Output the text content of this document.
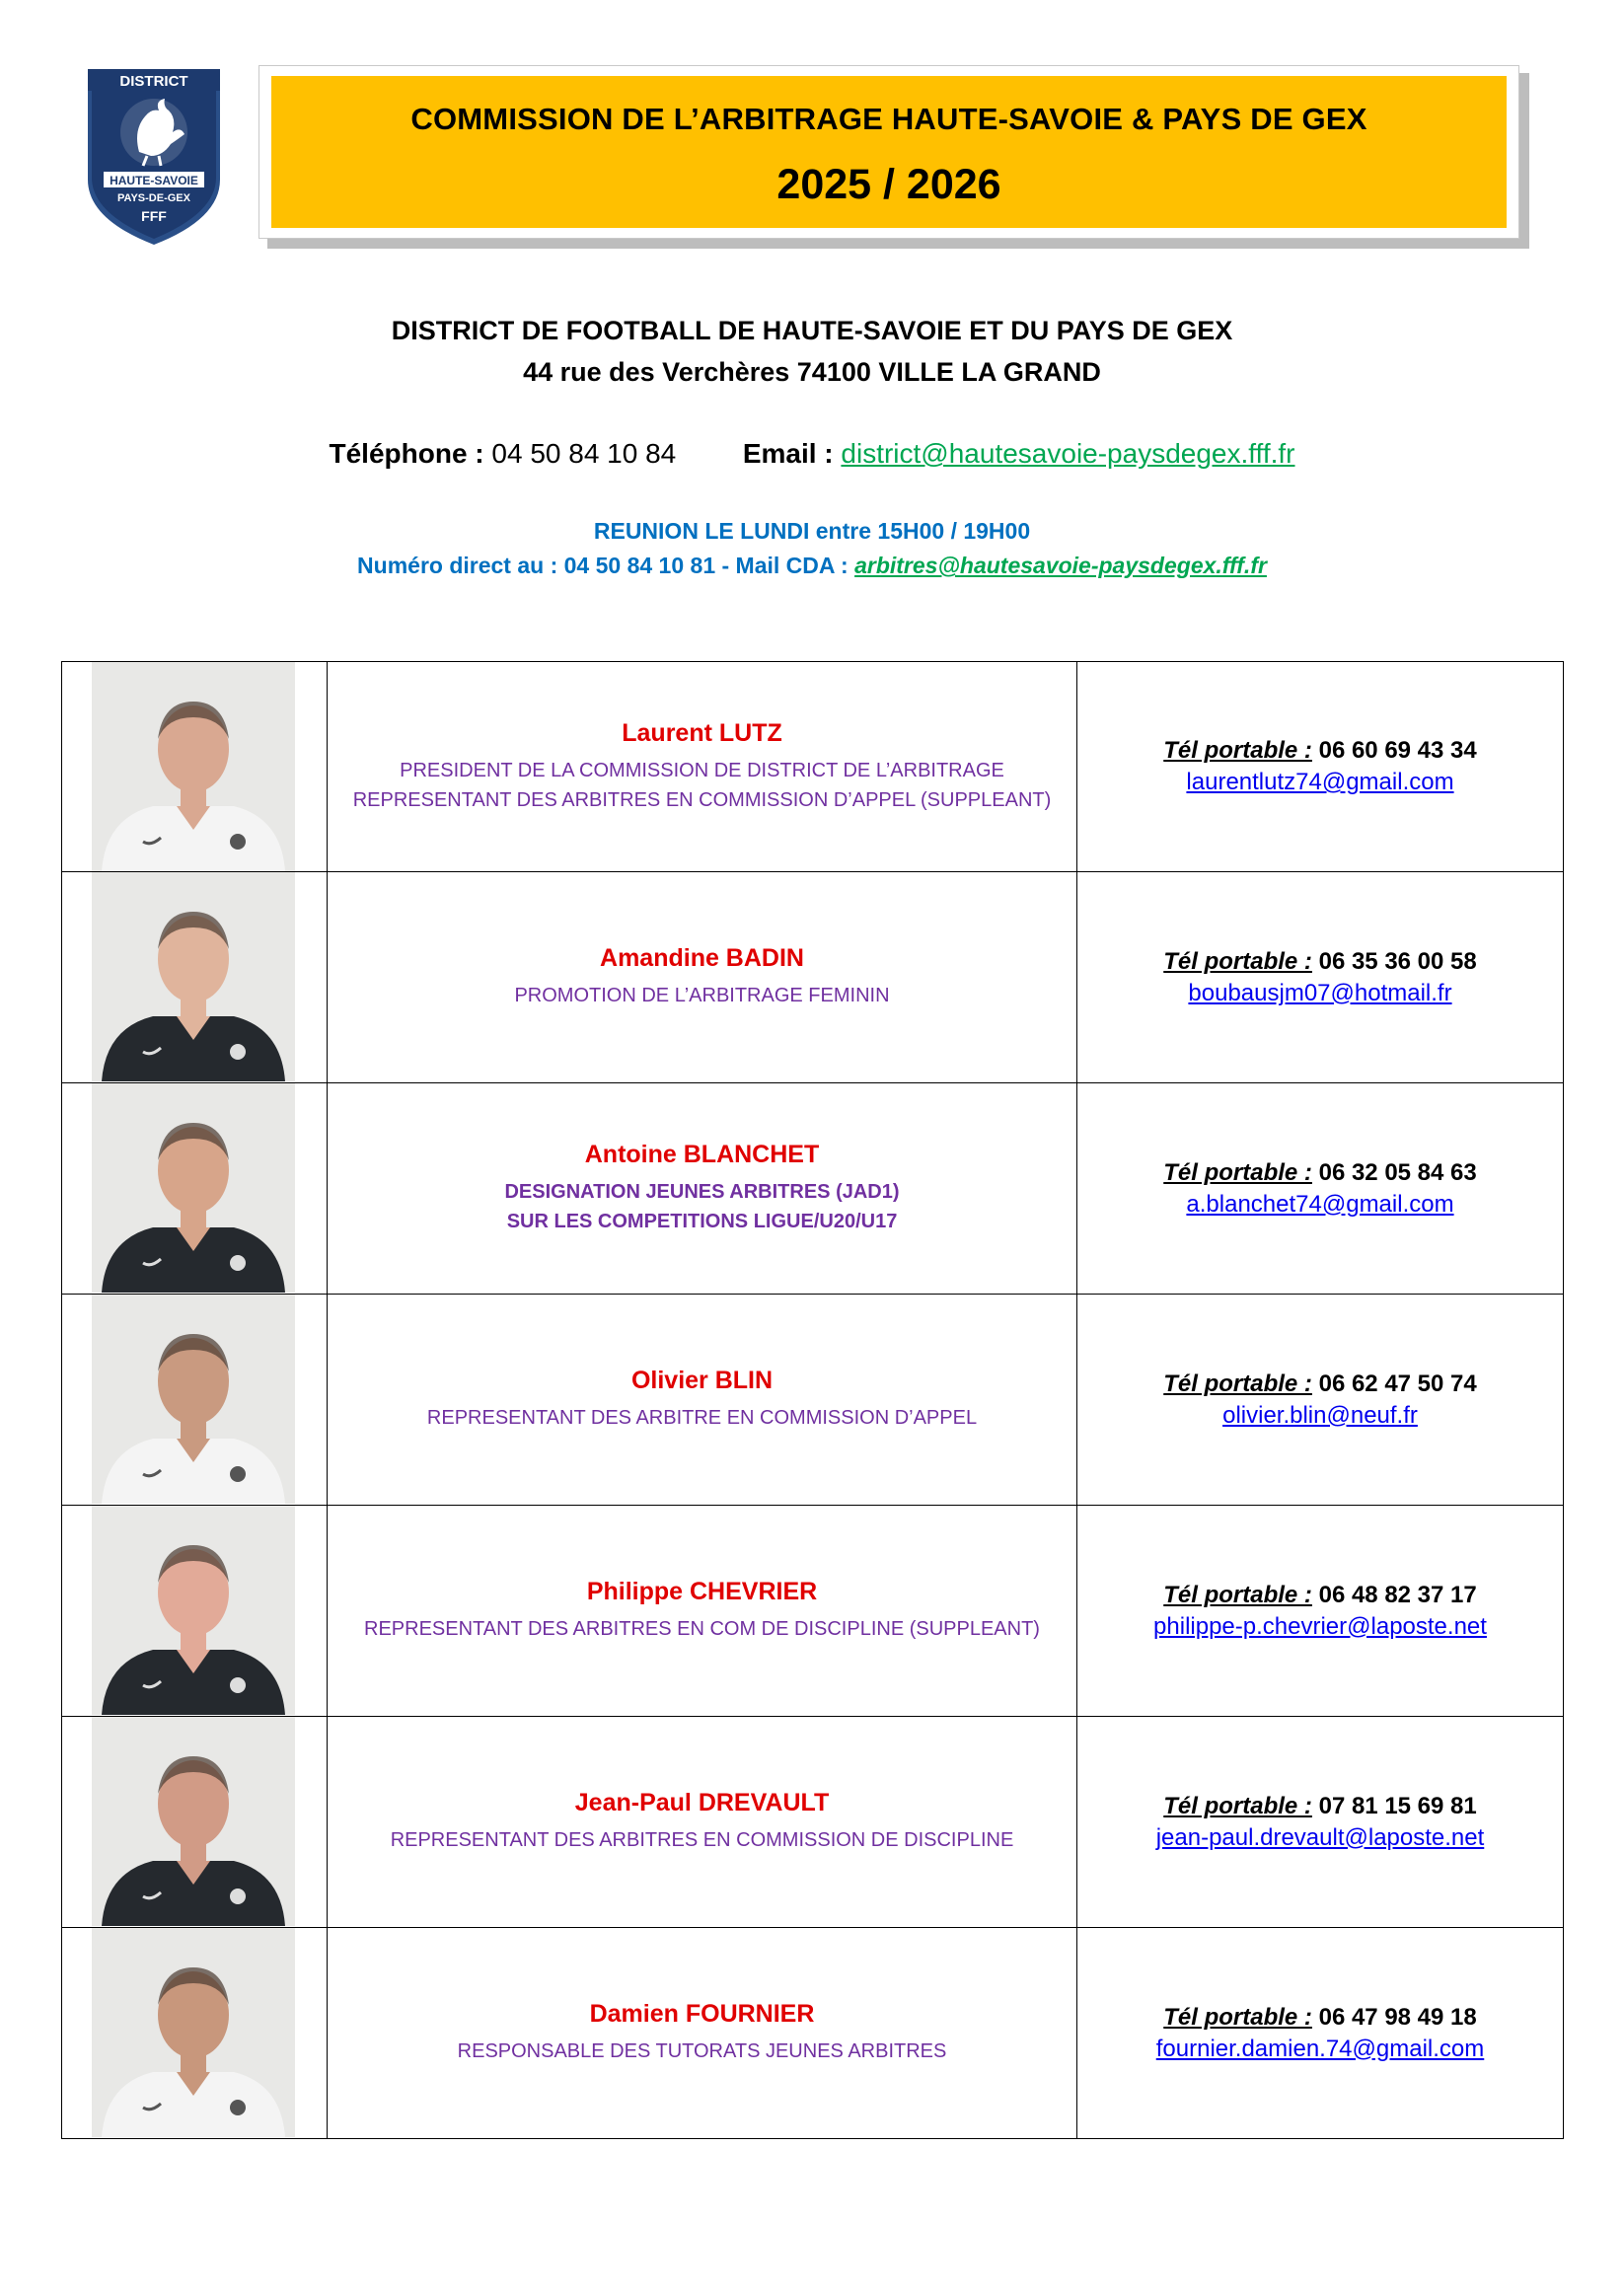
DISTRICT
HAUTE-SAVOIE
PAYS-DE-GEX
FFF
COMMISSION DE L’ARBITRAGE HAUTE-SAVOIE & PAYS DE GEX
2025 / 2026
DISTRICT DE FOOTBALL DE HAUTE-SAVOIE ET DU PAYS DE GEX
44 rue des Verchères 74100 VILLE LA GRAND
Téléphone : 04 50 84 10 84 Email : district@hautesavoie-paysdegex.fff.fr
REUNION LE LUNDI entre 15H00 / 19H00
Numéro direct au : 04 50 84 10 81 - Mail CDA : arbitres@hautesavoie-paysdegex.fff.fr
Laurent LUTZ
PRESIDENT DE LA COMMISSION DE DISTRICT DE L’ARBITRAGE
REPRESENTANT DES ARBITRES EN COMMISSION D’APPEL (SUPPLEANT)
Tél portable : 06 60 69 43 34
laurentlutz74@gmail.com
Amandine BADIN
PROMOTION DE L’ARBITRAGE FEMININ
Tél portable : 06 35 36 00 58
boubausjm07@hotmail.fr
Antoine BLANCHET
DESIGNATION JEUNES ARBITRES (JAD1)
SUR LES COMPETITIONS LIGUE/U20/U17
Tél portable : 06 32 05 84 63
a.blanchet74@gmail.com
Olivier BLIN
REPRESENTANT DES ARBITRE EN COMMISSION D’APPEL
Tél portable : 06 62 47 50 74
olivier.blin@neuf.fr
Philippe CHEVRIER
REPRESENTANT DES ARBITRES EN COM DE DISCIPLINE (SUPPLEANT)
Tél portable : 06 48 82 37 17
philippe-p.chevrier@laposte.net
Jean-Paul DREVAULT
REPRESENTANT DES ARBITRES EN COMMISSION DE DISCIPLINE
Tél portable : 07 81 15 69 81
jean-paul.drevault@laposte.net
Damien FOURNIER
RESPONSABLE DES TUTORATS JEUNES ARBITRES
Tél portable : 06 47 98 49 18
fournier.damien.74@gmail.com
